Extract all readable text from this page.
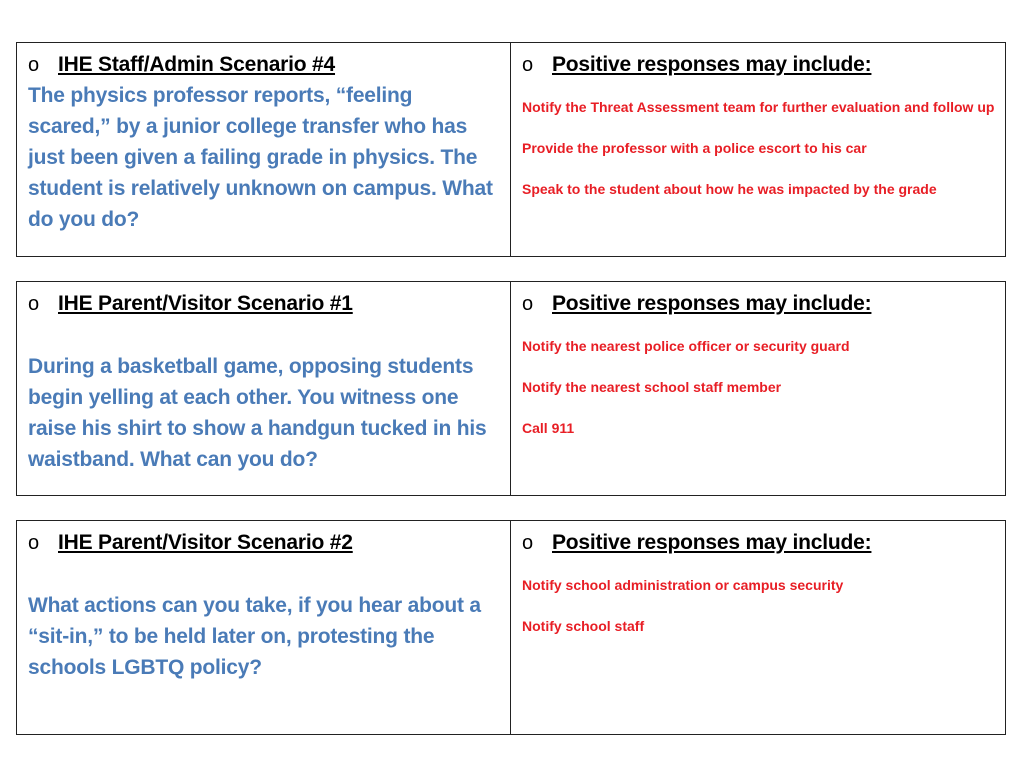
o IHE Staff/Admin Scenario #4
The physics professor reports, “feeling scared,” by a junior college transfer who has just been given a failing grade in physics. The student is relatively unknown on campus. What do you do?
o Positive responses may include:
Notify the Threat Assessment team for further evaluation and follow up
Provide the professor with a police escort to his car
Speak to the student about how he was impacted by the grade
o IHE Parent/Visitor Scenario #1
During a basketball game, opposing students begin yelling at each other. You witness one raise his shirt to show a handgun tucked in his waistband. What can you do?
o Positive responses may include:
Notify the nearest police officer or security guard
Notify the nearest school staff member
Call 911
o IHE Parent/Visitor Scenario #2
What actions can you take, if you hear about a “sit-in,” to be held later on, protesting the schools LGBTQ policy?
o Positive responses may include:
Notify school administration or campus security
Notify school staff
